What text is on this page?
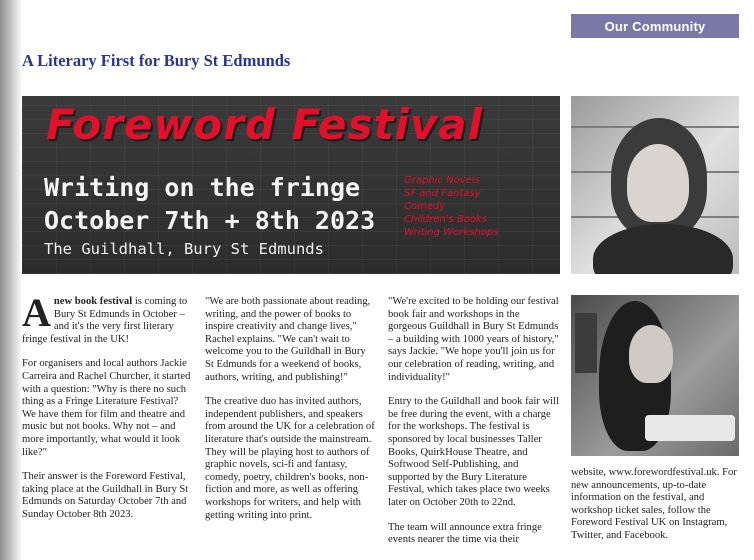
Our Community
A Literary First for Bury St Edmunds
Foreword Festival
Writing on the fringe
October 7th + 8th 2023
The Guildhall, Bury St Edmunds
Graphic Novels
SF and Fantasy
Comedy
Children's Books
Writing Workshops

Anew book festival is coming to Bury St Edmunds in October – and it's the very first literary fringe festival in the UK!

For organisers and local authors Jackie Carreira and Rachel Churcher, it started with a question: "Why is there no such thing as a Fringe Literature Festival? We have them for film and theatre and music but not books. Why not – and more importantly, what would it look like?"

Their answer is the Foreword Festival, taking place at the Guildhall in Bury St Edmunds on Saturday October 7th and Sunday October 8th 2023.

"We are both passionate about reading, writing, and the power of books to inspire creativity and change lives," Rachel explains. "We can't wait to welcome you to the Guildhall in Bury St Edmunds for a weekend of books, authors, writing, and publishing!"

The creative duo has invited authors, independent publishers, and speakers from around the UK for a celebration of literature that's outside the mainstream. They will be playing host to authors of graphic novels, sci-fi and fantasy, comedy, poetry, children's books, non-fiction and more, as well as offering workshops for writers, and help with getting writing into print.

"We're excited to be holding our festival book fair and workshops in the gorgeous Guildhall in Bury St Edmunds – a building with 1000 years of history," says Jackie. "We hope you'll join us for our celebration of reading, writing, and individuality!"

Entry to the Guildhall and book fair will be free during the event, with a charge for the workshops. The festival is sponsored by local businesses Taller Books, QuirkHouse Theatre, and Softwood Self-Publishing, and supported by the Bury Literature Festival, which takes place two weeks later on October 20th to 22nd.

The team will announce extra fringe events nearer the time via their

website, www.forewordfestival.uk. For new announcements, up-to-date information on the festival, and workshop ticket sales, follow the Foreword Festival UK on Instagram, Twitter, and Facebook.
